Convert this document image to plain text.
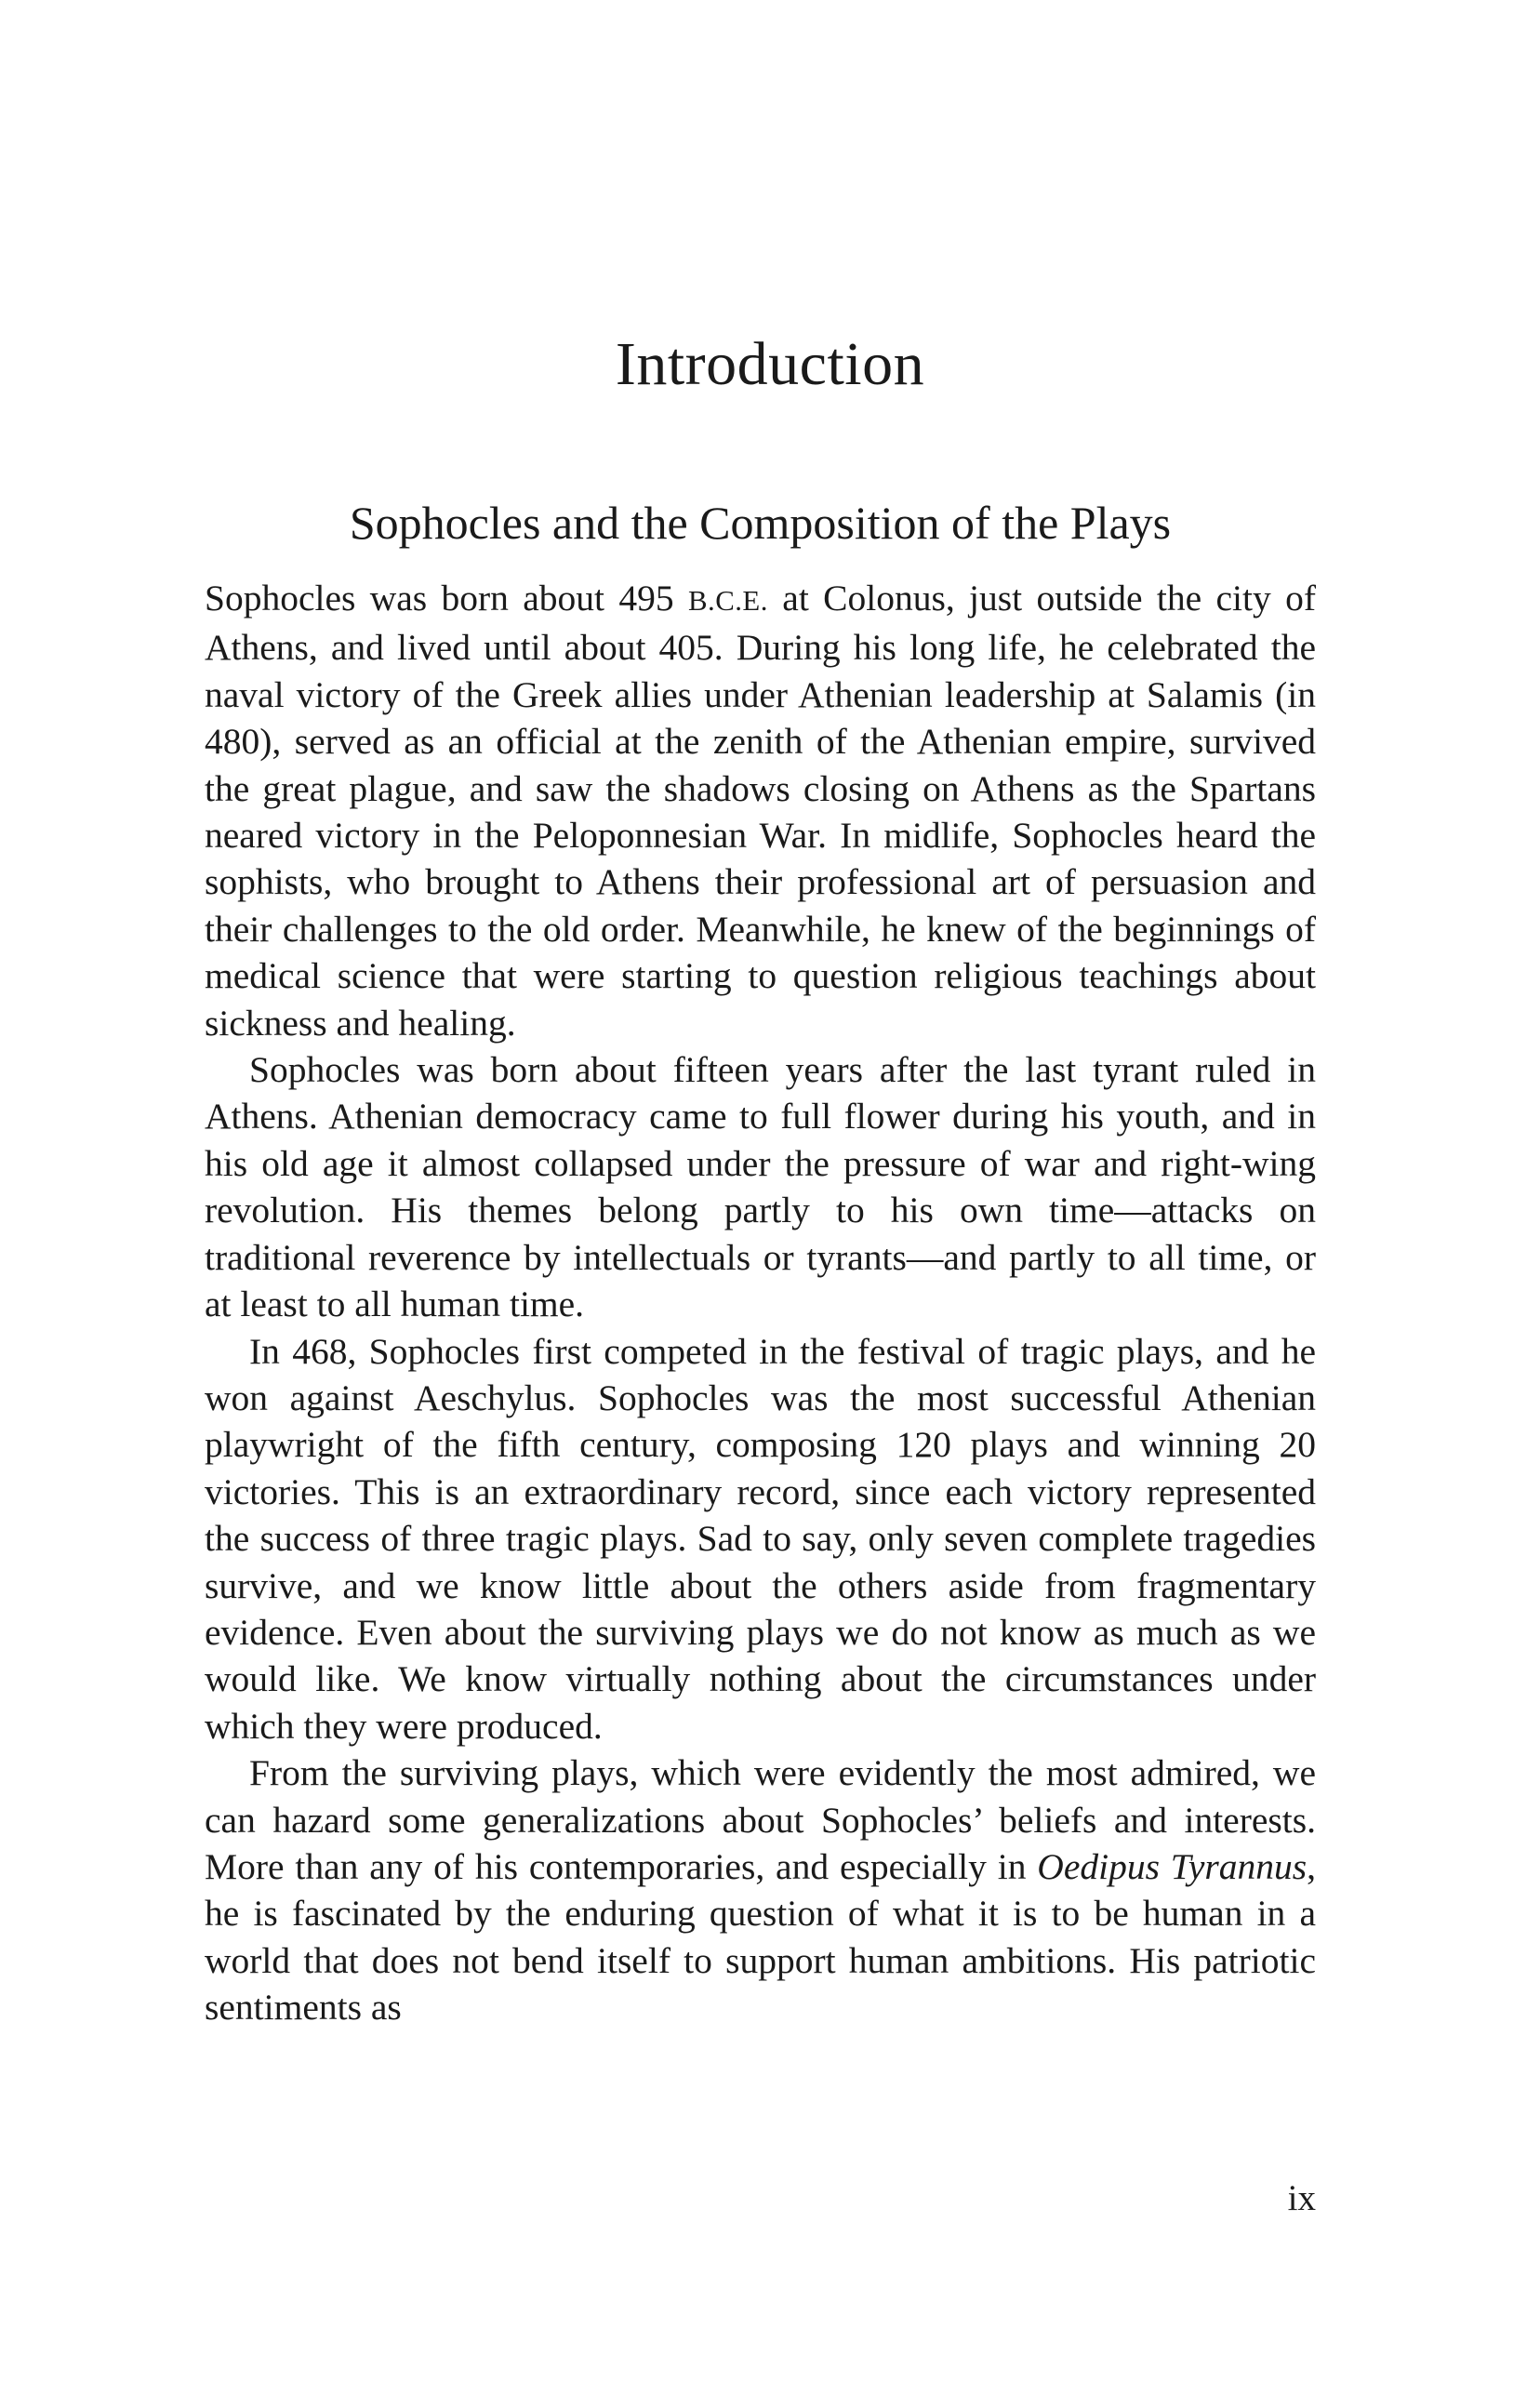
Introduction
Sophocles and the Composition of the Plays

Sophocles was born about 495 B.C.E. at Colonus, just outside the city of Athens, and lived until about 405. During his long life, he celebrated the naval victory of the Greek allies under Athenian leadership at Salamis (in 480), served as an official at the zenith of the Athenian empire, survived the great plague, and saw the shadows closing on Athens as the Spartans neared victory in the Peloponnesian War. In midlife, Sophocles heard the sophists, who brought to Athens their professional art of persuasion and their challenges to the old order. Meanwhile, he knew of the beginnings of medical science that were starting to question religious teachings about sickness and healing.

Sophocles was born about fifteen years after the last tyrant ruled in Athens. Athenian democracy came to full flower during his youth, and in his old age it almost collapsed under the pressure of war and right-wing revolution. His themes belong partly to his own time—attacks on traditional reverence by intellectuals or tyrants—and partly to all time, or at least to all human time.

In 468, Sophocles first competed in the festival of tragic plays, and he won against Aeschylus. Sophocles was the most successful Athenian playwright of the fifth century, composing 120 plays and winning 20 victories. This is an extraordinary record, since each victory represented the success of three tragic plays. Sad to say, only seven complete tragedies survive, and we know little about the others aside from fragmentary evidence. Even about the surviving plays we do not know as much as we would like. We know virtually nothing about the circumstances under which they were produced.

From the surviving plays, which were evidently the most admired, we can hazard some generalizations about Sophocles’ beliefs and interests. More than any of his contemporaries, and especially in Oedipus Tyrannus, he is fascinated by the enduring question of what it is to be human in a world that does not bend itself to support human ambitions. His patriotic sentiments as

ix
